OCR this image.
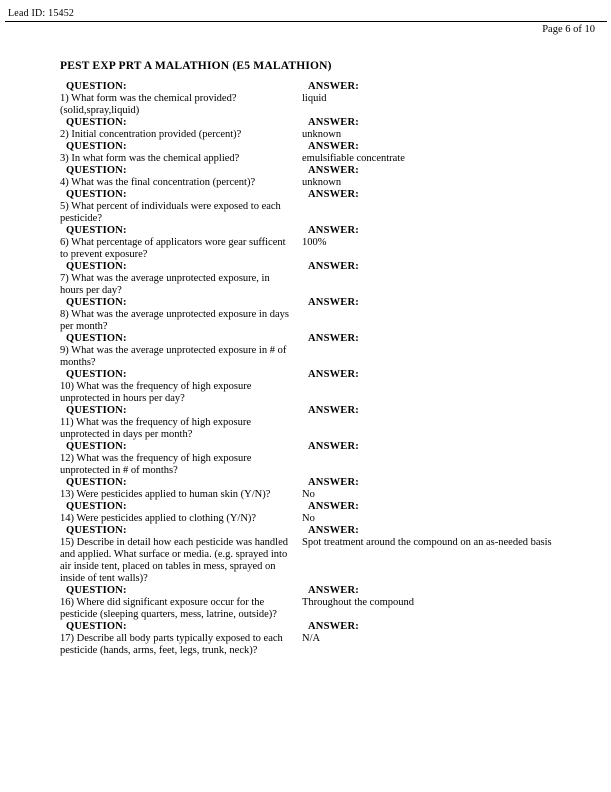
Lead ID: 15452
Page 6 of 10
PEST EXP PRT A MALATHION (E5 MALATHION)
QUESTION:
1) What form was the chemical provided?(solid,spray,liquid)
ANSWER:
liquid
QUESTION:
2) Initial concentration provided (percent)?
ANSWER:
unknown
QUESTION:
3) In what form was the chemical applied?
ANSWER:
emulsifiable concentrate
QUESTION:
4) What was the final concentration (percent)?
ANSWER:
unknown
QUESTION:
5) What percent of individuals were exposed to each pesticide?
ANSWER:
QUESTION:
6) What percentage of applicators wore gear sufficent to prevent exposure?
ANSWER:
100%
QUESTION:
7) What was the average unprotected exposure, in hours per day?
ANSWER:
QUESTION:
8) What was the average unprotected exposure in days per month?
ANSWER:
QUESTION:
9) What was the average unprotected exposure in # of months?
ANSWER:
QUESTION:
10) What was the frequency of high exposure unprotected in hours per day?
ANSWER:
QUESTION:
11) What was the frequency of high exposure unprotected in days per month?
ANSWER:
QUESTION:
12) What was the frequency of high exposure unprotected in # of months?
ANSWER:
QUESTION:
13) Were pesticides applied to human skin (Y/N)?
ANSWER:
No
QUESTION:
14) Were pesticides applied to clothing (Y/N)?
ANSWER:
No
QUESTION:
15) Describe in detail how each pesticide was handled and applied. What surface or media. (e.g. sprayed into air inside tent, placed on tables in mess, sprayed on inside of tent walls)?
ANSWER:
Spot treatment around the compound on an as-needed basis
QUESTION:
16) Where did significant exposure occur for the pesticide (sleeping quarters, mess, latrine, outside)?
ANSWER:
Throughout the compound
QUESTION:
17) Describe all body parts typically exposed to each pesticide (hands, arms, feet, legs, trunk, neck)?
ANSWER:
N/A
